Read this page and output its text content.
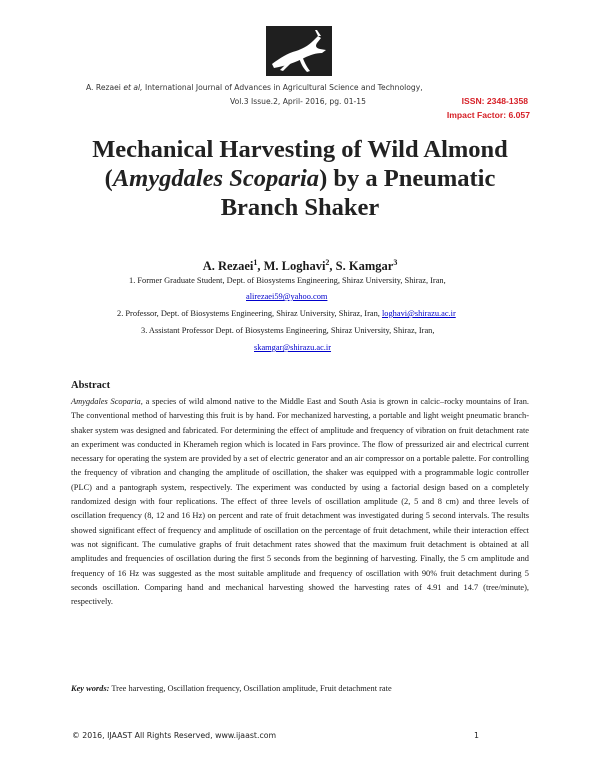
A. Rezaei et al, International Journal of Advances in Agricultural Science and Technology,
Vol.3 Issue.2, April- 2016, pg. 01-15	ISSN: 2348-1358
Impact Factor: 6.057
Mechanical Harvesting of Wild Almond (Amygdales Scoparia) by a Pneumatic Branch Shaker
A. Rezaei$^1$, M. Loghavi$^2$, S. Kamgar$^3$
1. Former Graduate Student, Dept. of Biosystems Engineering, Shiraz University, Shiraz, Iran,
alirezaei59@yahoo.com
2. Professor, Dept. of Biosystems Engineering, Shiraz University, Shiraz, Iran, loghavi@shirazu.ac.ir
3. Assistant Professor Dept. of Biosystems Engineering, Shiraz University, Shiraz, Iran,
skamgar@shirazu.ac.ir
Abstract
Amygdales Scoparia, a species of wild almond native to the Middle East and South Asia is grown in calcic–rocky mountains of Iran. The conventional method of harvesting this fruit is by hand. For mechanized harvesting, a portable and light weight pneumatic branch-shaker system was designed and fabricated. For determining the effect of amplitude and frequency of vibration on fruit detachment rate an experiment was conducted in Kherameh region which is located in Fars province. The flow of pressurized air and electrical current necessary for operating the system are provided by a set of electric generator and an air compressor on a portable palette. For controlling the frequency of vibration and changing the amplitude of oscillation, the shaker was equipped with a programmable logic controller (PLC) and a pantograph system, respectively. The experiment was conducted by using a factorial design based on a completely randomized design with four replications. The effect of three levels of oscillation amplitude (2, 5 and 8 cm) and three levels of oscillation frequency (8, 12 and 16 Hz) on percent and rate of fruit detachment was investigated during 5 second intervals. The results showed significant effect of frequency and amplitude of oscillation on the percentage of fruit detachment, while their interaction effect was not significant. The cumulative graphs of fruit detachment rates showed that the maximum fruit detachment is obtained at all amplitudes and frequencies of oscillation during the first 5 seconds from the beginning of harvesting. Finally, the 5 cm amplitude and frequency of 16 Hz was suggested as the most suitable amplitude and frequency of oscillation with 90% fruit detachment during 5 seconds oscillation. Comparing hand and mechanical harvesting showed the harvesting rates of 4.91 and 14.7 (tree/minute), respectively.
Key words: Tree harvesting, Oscillation frequency, Oscillation amplitude, Fruit detachment rate
© 2016, IJAAST All Rights Reserved, www.ijaast.com	1
